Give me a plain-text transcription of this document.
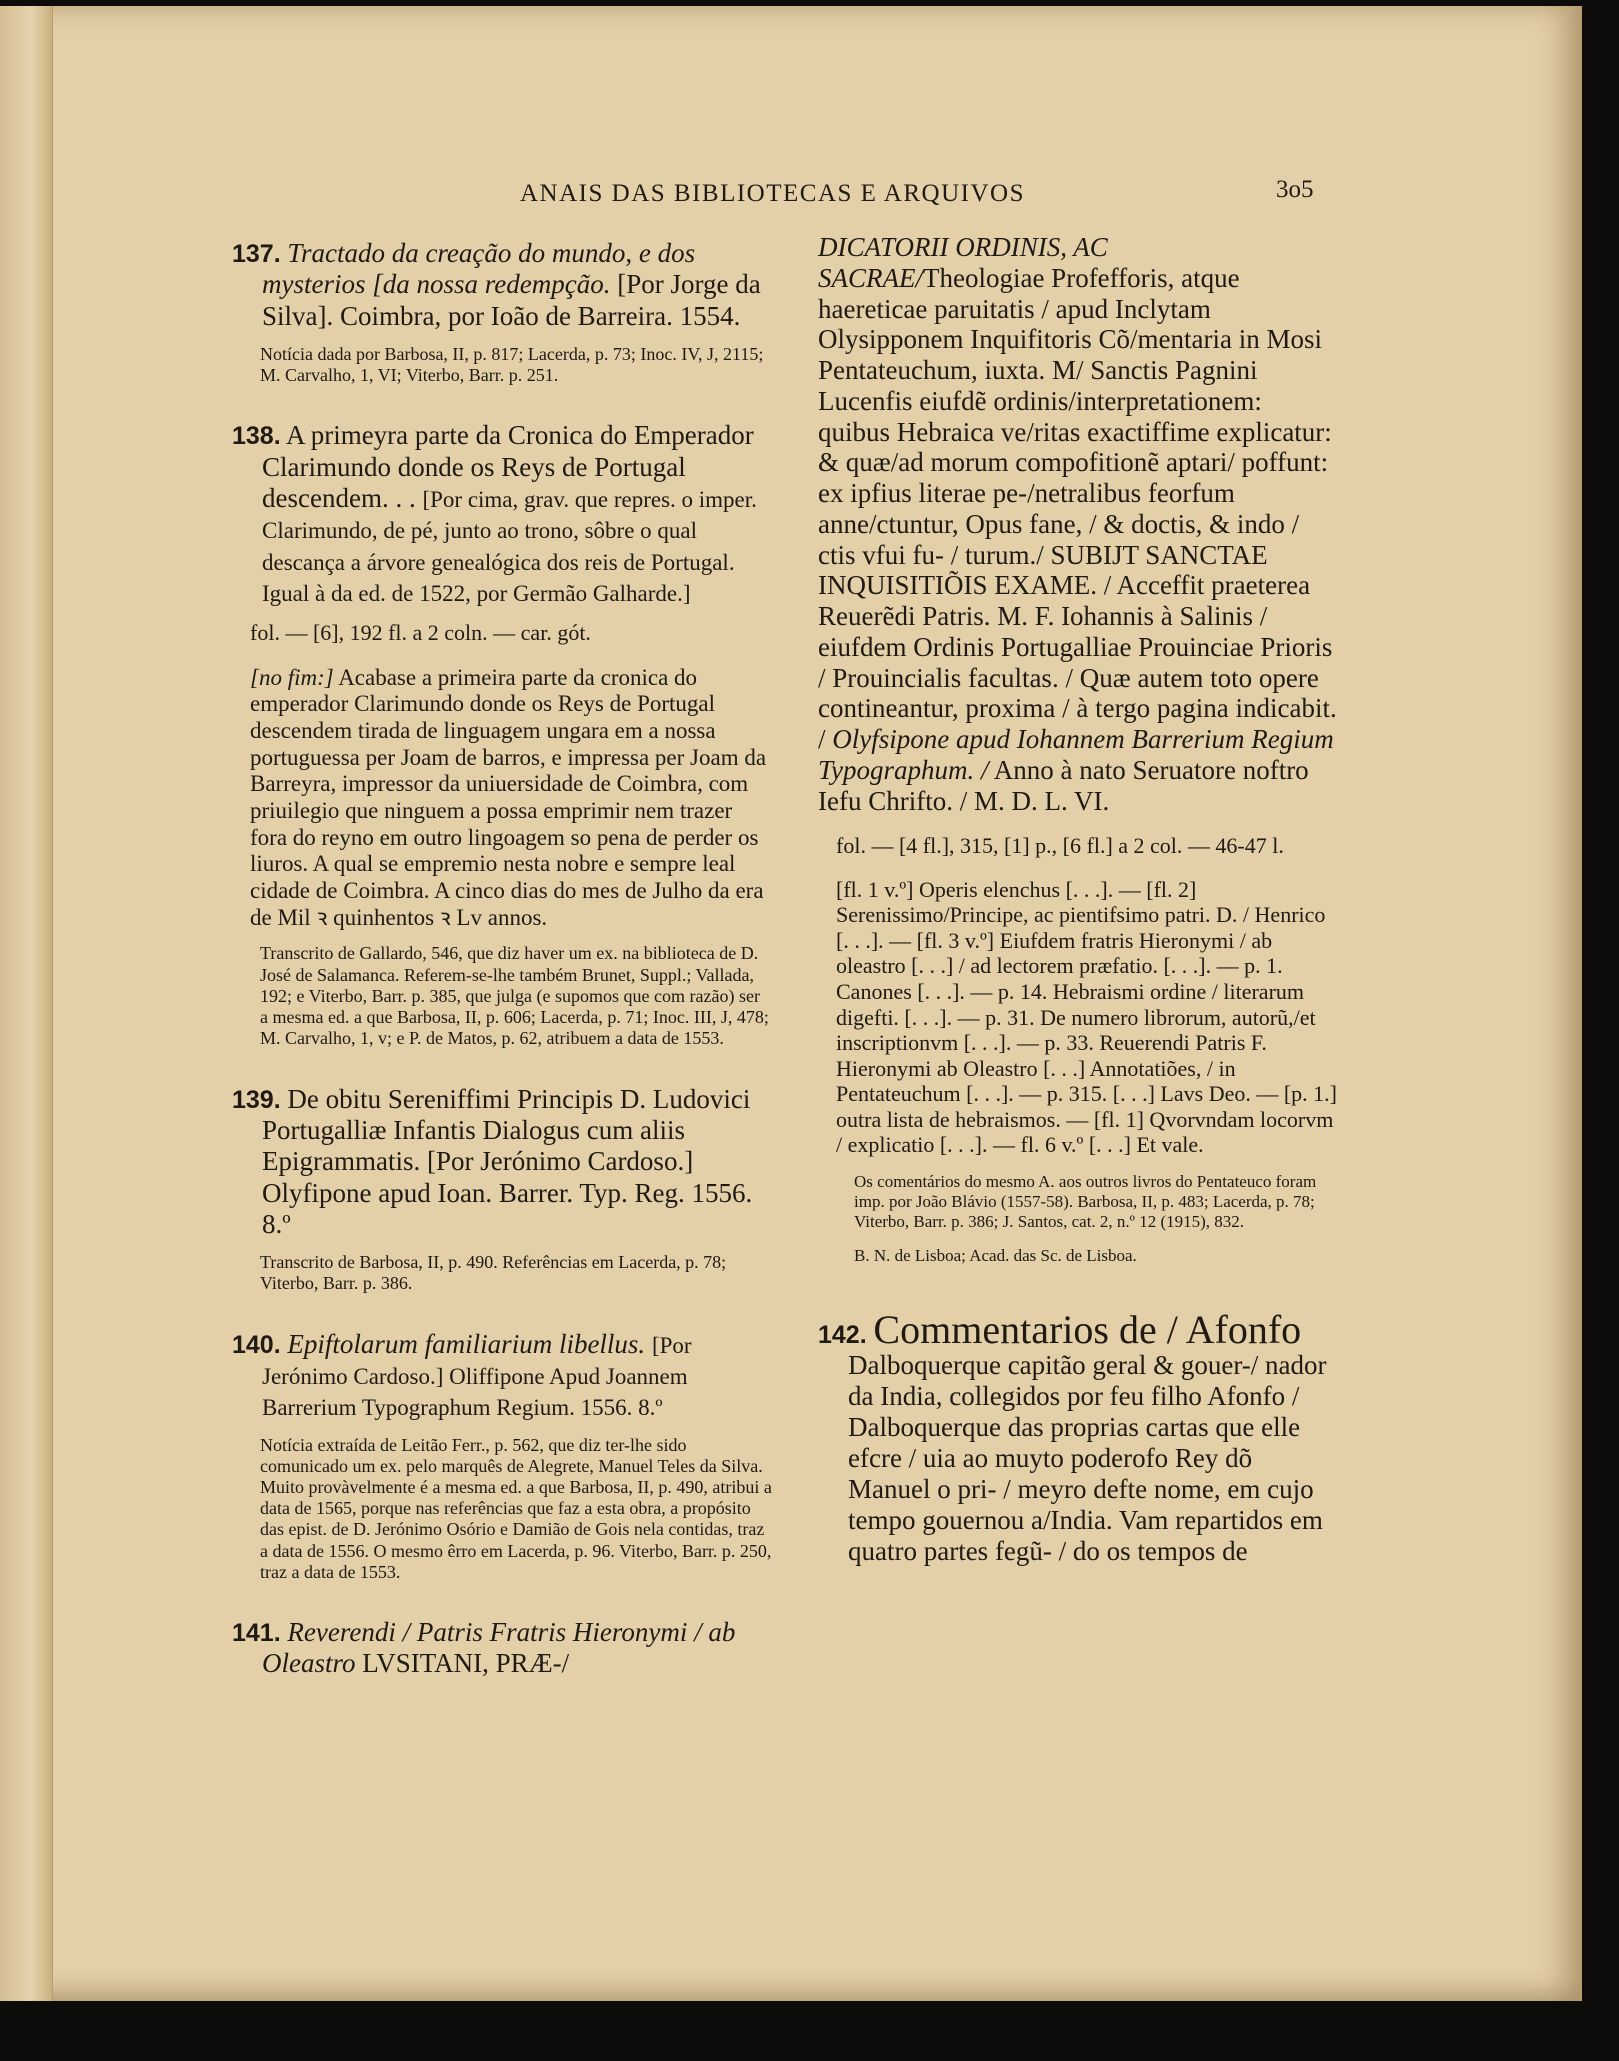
ANAIS DAS BIBLIOTECAS E ARQUIVOS	3o5
137. Tractado da creação do mundo, e dos mysterios [da nossa redempção. [Por Jorge da Silva]. Coimbra, por Ioão de Barreira. 1554.
Notícia dada por Barbosa, II, p. 817; Lacerda, p. 73; Inoc. IV, J, 2115; M. Carvalho, 1, VI; Viterbo, Barr. p. 251.
138. A primeyra parte da Cronica do Emperador Clarimundo donde os Reys de Portugal descendem. . . [Por cima, grav. que repres. o imper. Clarimundo, de pé, junto ao trono, sôbre o qual descança a árvore genealógica dos reis de Portugal. Igual à da ed. de 1522, por Germão Galharde.]
fol. — [6], 192 fl. a 2 coln. — car. gót.
[no fim:] Acabase a primeira parte da cronica do emperador Clarimundo donde os Reys de Portugal descendem tirada de linguagem ungara em a nossa portuguessa per Joam de barros, e impressa per Joam da Barreyra, impressor da uniuersidade de Coimbra, com priuilegio que ninguem a possa emprimir nem trazer fora do reyno em outro lingoagem so pena de perder os liuros. A qual se empremio nesta nobre e sempre leal cidade de Coimbra. A cinco dias do mes de Julho da era de Mil ꝛ quinhentos ꝛ Lv annos.
Transcrito de Gallardo, 546, que diz haver um ex. na biblioteca de D. José de Salamanca. Referem-se-lhe também Brunet, Suppl.; Vallada, 192; e Viterbo, Barr. p. 385, que julga (e supomos que com razão) ser a mesma ed. a que Barbosa, II, p. 606; Lacerda, p. 71; Inoc. III, J, 478; M. Carvalho, 1, v; e P. de Matos, p. 62, atribuem a data de 1553.
139. De obitu Sereniffimi Principis D. Ludovici Portugalliæ Infantis Dialogus cum aliis Epigrammatis. [Por Jerónimo Cardoso.] Olyfipone apud Ioan. Barrer. Typ. Reg. 1556. 8.º
Transcrito de Barbosa, II, p. 490. Referências em Lacerda, p. 78; Viterbo, Barr. p. 386.
140. Epiftolarum familiarium libellus. [Por Jerónimo Cardoso.] Oliffipone Apud Joannem Barrerium Typographum Regium. 1556. 8.º
Notícia extraída de Leitão Ferr., p. 562, que diz ter-lhe sido comunicado um ex. pelo marquês de Alegrete, Manuel Teles da Silva. Muito provàvelmente é a mesma ed. a que Barbosa, II, p. 490, atribui a data de 1565, porque nas referências que faz a esta obra, a propósito das epist. de D. Jerónimo Osório e Damião de Gois nela contidas, traz a data de 1556. O mesmo êrro em Lacerda, p. 96. Viterbo, Barr. p. 250, traz a data de 1553.
141. Reverendi / Patris Fratris Hieronymi / ab Oleastro LVSITANI, PRÆ-/
DICATORII ORDINIS, AC SACRAE/Theologiae Profefforis, atque haereticae paruitatis / apud Inclytam Olysipponem Inquifitoris Cõ/mentaria in Mosi Pentateuchum, iuxta. M/ Sanctis Pagnini Lucenfis eiufdẽ ordinis/interpretationem: quibus Hebraica ve/ritas exactiffime explicatur: & quæ/ad morum compofitionẽ aptari/ poffunt: ex ipfius literae pe-/netralibus feorfum anne/ctuntur, Opus fane, / & doctis, & indo / ctis vfui fu- / turum./ SUBIJT SANCTAE INQUISITIÕIS EXAME. / Acceffit praeterea Reuerẽdi Patris. M. F. Iohannis à Salinis / eiufdem Ordinis Portugalliae Prouinciae Prioris / Prouincialis facultas. / Quæ autem toto opere contineantur, proxima / à tergo pagina indicabit. / Olyfsipone apud Iohannem Barrerium Regium Typographum. / Anno à nato Seruatore noftro Iefu Chrifto. / M. D. L. VI.
fol. — [4 fl.], 315, [1] p., [6 fl.] a 2 col. — 46-47 l.
[fl. 1 v.º] Operis elenchus [. . .]. — [fl. 2] Serenissimo/Principe, ac pientifsimo patri. D. / Henrico [. . .]. — [fl. 3 v.º] Eiufdem fratris Hieronymi / ab oleastro [. . .] / ad lectorem præfatio. [. . .]. — p. 1. Canones [. . .]. — p. 14. Hebraismi ordine / literarum digefti. [. . .]. — p. 31. De numero librorum, autorũ,/et inscriptionvm [. . .]. — p. 33. Reuerendi Patris F. Hieronymi ab Oleastro [. . .] Annotatiões, / in Pentateuchum [. . .]. — p. 315. [. . .] Lavs Deo. — [p. 1.] outra lista de hebraismos. — [fl. 1] Qvorvndam locorvm / explicatio [. . .]. — fl. 6 v.º [. . .] Et vale.
Os comentários do mesmo A. aos outros livros do Pentateuco foram imp. por João Blávio (1557-58). Barbosa, II, p. 483; Lacerda, p. 78; Viterbo, Barr. p. 386; J. Santos, cat. 2, n.º 12 (1915), 832.
B. N. de Lisboa; Acad. das Sc. de Lisboa.
142. Commentarios de / Afonfo Dalboquerque capitão geral & gouer-/ nador da India, collegidos por feu filho Afonfo / Dalboquerque das proprias cartas que elle efcre / uia ao muyto poderofo Rey dõ Manuel o pri- / meyro defte nome, em cujo tempo gouernou a/India. Vam repartidos em quatro partes fegũ- / do os tempos de
